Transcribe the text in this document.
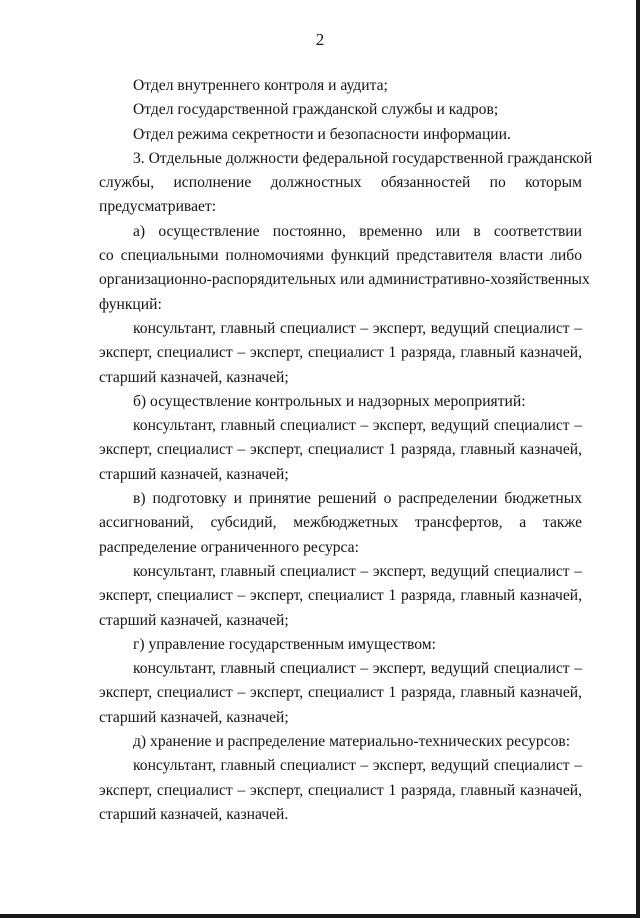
2
Отдел внутреннего контроля и аудита;
Отдел государственной гражданской службы и кадров;
Отдел режима секретности и безопасности информации.
3. Отдельные должности федеральной государственной гражданской
службы, исполнение должностных обязанностей по которым
предусматривает:
а) осуществление постоянно, временно или в соответствии
со специальными полномочиями функций представителя власти либо
организационно-распорядительных или административно-хозяйственных
функций:
консультант, главный специалист – эксперт, ведущий специалист –
эксперт, специалист – эксперт, специалист 1 разряда, главный казначей,
старший казначей, казначей;
б) осуществление контрольных и надзорных мероприятий:
консультант, главный специалист – эксперт, ведущий специалист –
эксперт, специалист – эксперт, специалист 1 разряда, главный казначей,
старший казначей, казначей;
в) подготовку и принятие решений о распределении бюджетных
ассигнований, субсидий, межбюджетных трансфертов, а также
распределение ограниченного ресурса:
консультант, главный специалист – эксперт, ведущий специалист –
эксперт, специалист – эксперт, специалист 1 разряда, главный казначей,
старший казначей, казначей;
г) управление государственным имуществом:
консультант, главный специалист – эксперт, ведущий специалист –
эксперт, специалист – эксперт, специалист 1 разряда, главный казначей,
старший казначей, казначей;
д) хранение и распределение материально-технических ресурсов:
консультант, главный специалист – эксперт, ведущий специалист –
эксперт, специалист – эксперт, специалист 1 разряда, главный казначей,
старший казначей, казначей.
